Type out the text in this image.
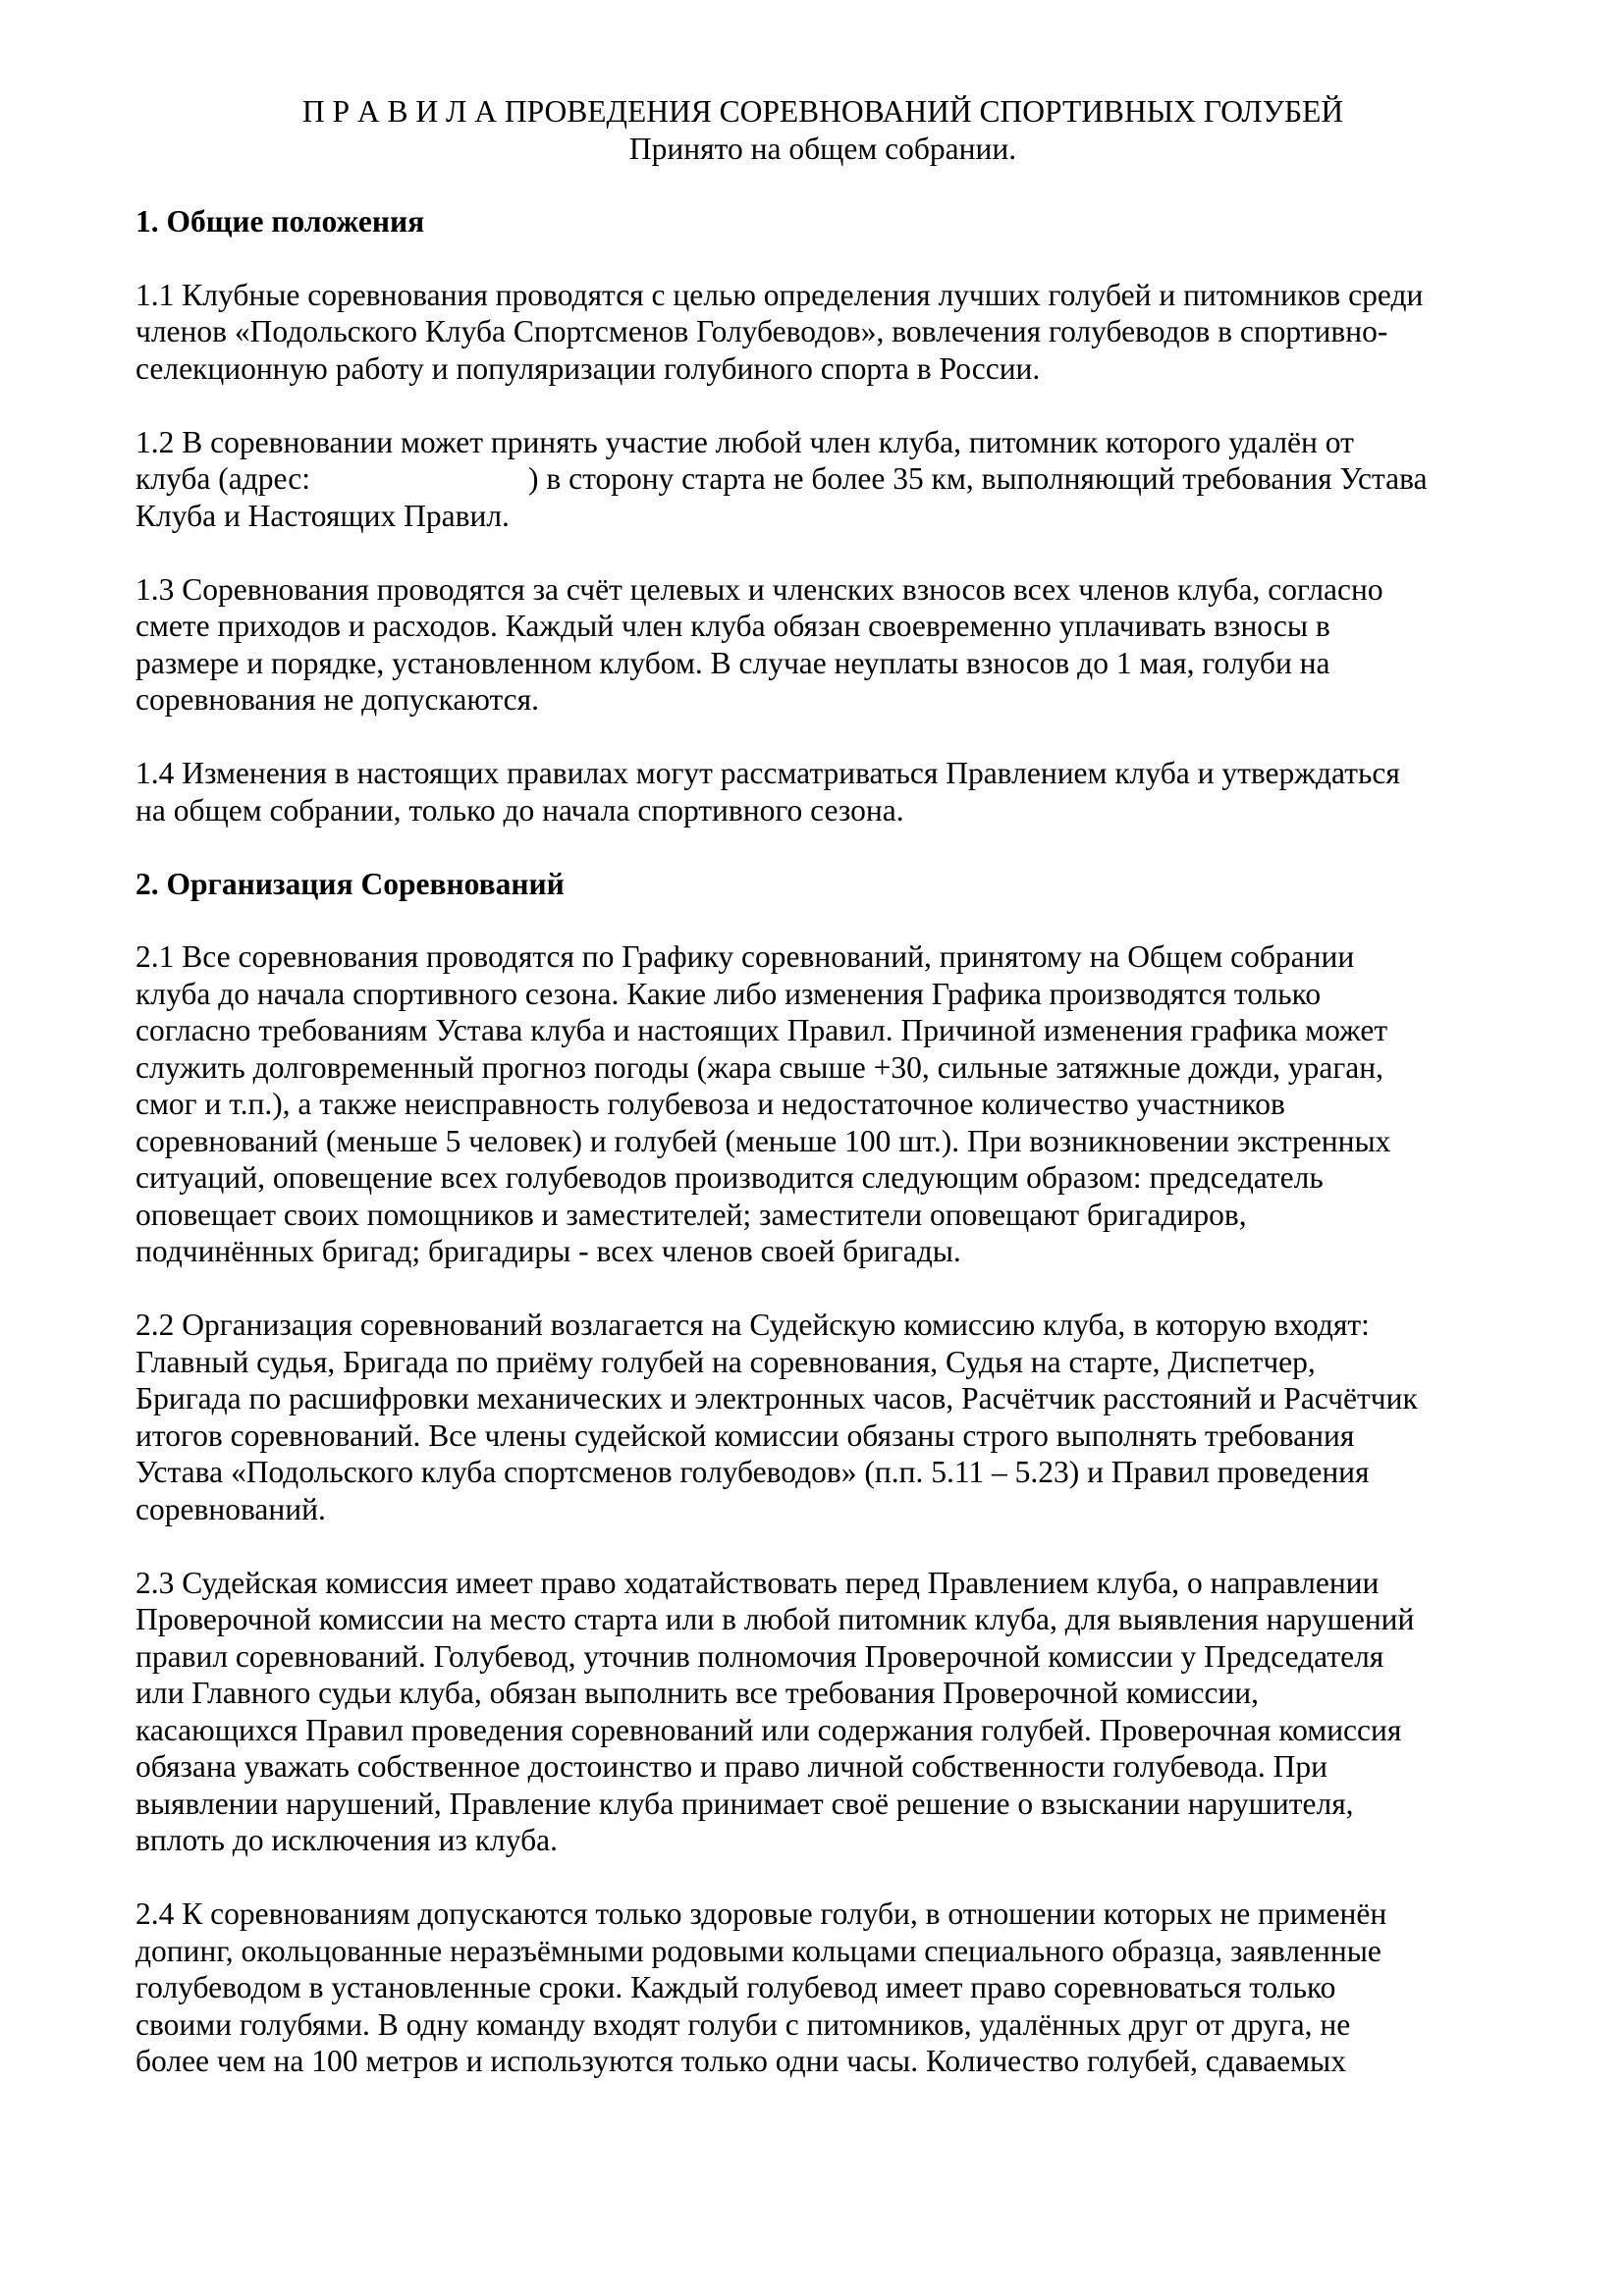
П Р А В И Л А ПРОВЕДЕНИЯ СОРЕВНОВАНИЙ СПОРТИВНЫХ ГОЛУБЕЙ
Принято на общем собрании.
1. Общие положения

1.1 Клубные соревнования проводятся с целью определения лучших голубей и питомников среди
членов «Подольского Клуба Спортсменов Голубеводов», вовлечения голубеводов в спортивно-
селекционную работу и популяризации голубиного спорта в России.

1.2 В соревновании может принять участие любой член клуба, питомник которого удалён от
клуба (адрес:	) в сторону старта не более 35 км, выполняющий требования Устава
Клуба и Настоящих Правил.

1.3 Соревнования проводятся за счёт целевых и членских взносов всех членов клуба, согласно
смете приходов и расходов. Каждый член клуба обязан своевременно уплачивать взносы в
размере и порядке, установленном клубом. В случае неуплаты взносов до 1 мая, голуби на
соревнования не допускаются.

1.4 Изменения в настоящих правилах могут рассматриваться Правлением клуба и утверждаться
на общем собрании, только до начала спортивного сезона.

2. Организация Соревнований

2.1 Все соревнования проводятся по Графику соревнований, принятому на Общем собрании
клуба до начала спортивного сезона. Какие либо изменения Графика производятся только
согласно требованиям Устава клуба и настоящих Правил. Причиной изменения графика может
служить долговременный прогноз погоды (жара свыше +30, сильные затяжные дожди, ураган,
смог и т.п.), а также неисправность голубевоза и недостаточное количество участников
соревнований (меньше 5 человек) и голубей (меньше 100 шт.). При возникновении экстренных
ситуаций, оповещение всех голубеводов производится следующим образом: председатель
оповещает своих помощников и заместителей; заместители оповещают бригадиров,
подчинённых бригад; бригадиры - всех членов своей бригады.

2.2 Организация соревнований возлагается на Судейскую комиссию клуба, в которую входят:
Главный судья, Бригада по приёму голубей на соревнования, Судья на старте, Диспетчер,
Бригада по расшифровки механических и электронных часов, Расчётчик расстояний и Расчётчик
итогов соревнований. Все члены судейской комиссии обязаны строго выполнять требования
Устава «Подольского клуба спортсменов голубеводов» (п.п. 5.11 – 5.23) и Правил проведения
соревнований.

2.3 Судейская комиссия имеет право ходатайствовать перед Правлением клуба, о направлении
Проверочной комиссии на место старта или в любой питомник клуба, для выявления нарушений
правил соревнований. Голубевод, уточнив полномочия Проверочной комиссии у Председателя
или Главного судьи клуба, обязан выполнить все требования Проверочной комиссии,
касающихся Правил проведения соревнований или содержания голубей. Проверочная комиссия
обязана уважать собственное достоинство и право личной собственности голубевода. При
выявлении нарушений, Правление клуба принимает своё решение о взыскании нарушителя,
вплоть до исключения из клуба.

2.4 К соревнованиям допускаются только здоровые голуби, в отношении которых не применён
допинг, окольцованные неразъёмными родовыми кольцами специального образца, заявленные
голубеводом в установленные сроки. Каждый голубевод имеет право соревноваться только
своими голубями. В одну команду входят голуби с питомников, удалённых друг от друга, не
более чем на 100 метров и используются только одни часы. Количество голубей, сдаваемых
